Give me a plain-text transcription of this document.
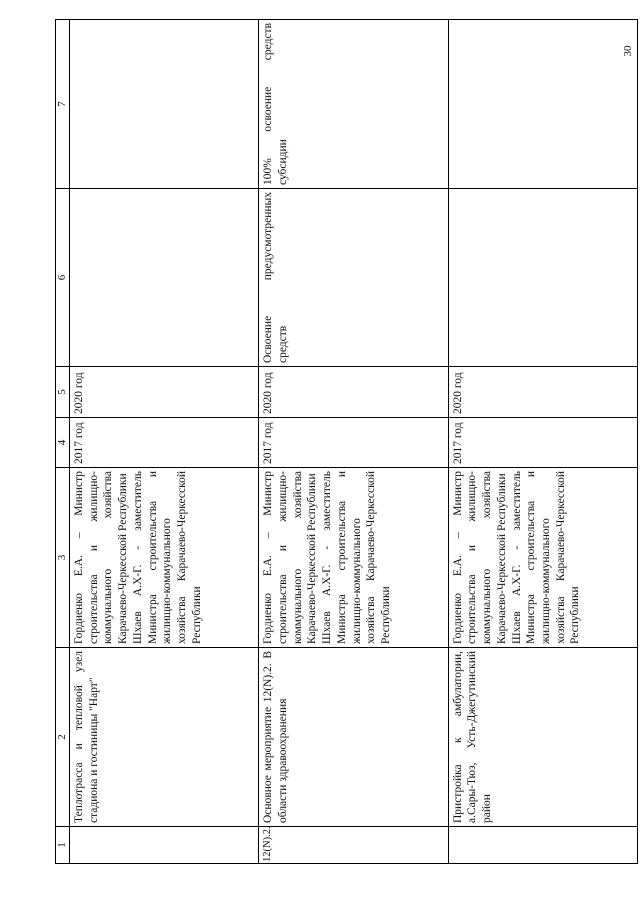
30
1	2	3	4	5	6	7
	Теплотрасса и тепловой узел стадиона и гостиницы "Нарт"	Гордиенко Е.А. – Министр строительства и жилищно-коммунального хозяйства Карачаево-Черкесской Республики Шхаев А.Х-Г. - заместитель Министра строительства и жилищно-коммунального хозяйства Карачаево-Черкесской Республики	2017 год	2020 год		
12(N).2.	Основное мероприятие 12(N).2. В области здравоохранения	Гордиенко Е.А. – Министр строительства и жилищно-коммунального хозяйства Карачаево-Черкесской Республики Шхаев А.Х-Г. - заместитель Министра строительства и жилищно-коммунального хозяйства Карачаево-Черкесской Республики	2017 год	2020 год	Освоение предусмотренных средств	100% освоение средств субсидии
	Пристройка к амбулатории, а.Сары-Тюз, Усть-Джегутинский район	Гордиенко Е.А. – Министр строительства и жилищно-коммунального хозяйства Карачаево-Черкесской Республики Шхаев А.Х-Г. - заместитель Министра строительства и жилищно-коммунального хозяйства Карачаево-Черкесской Республики	2017 год	2020 год		
